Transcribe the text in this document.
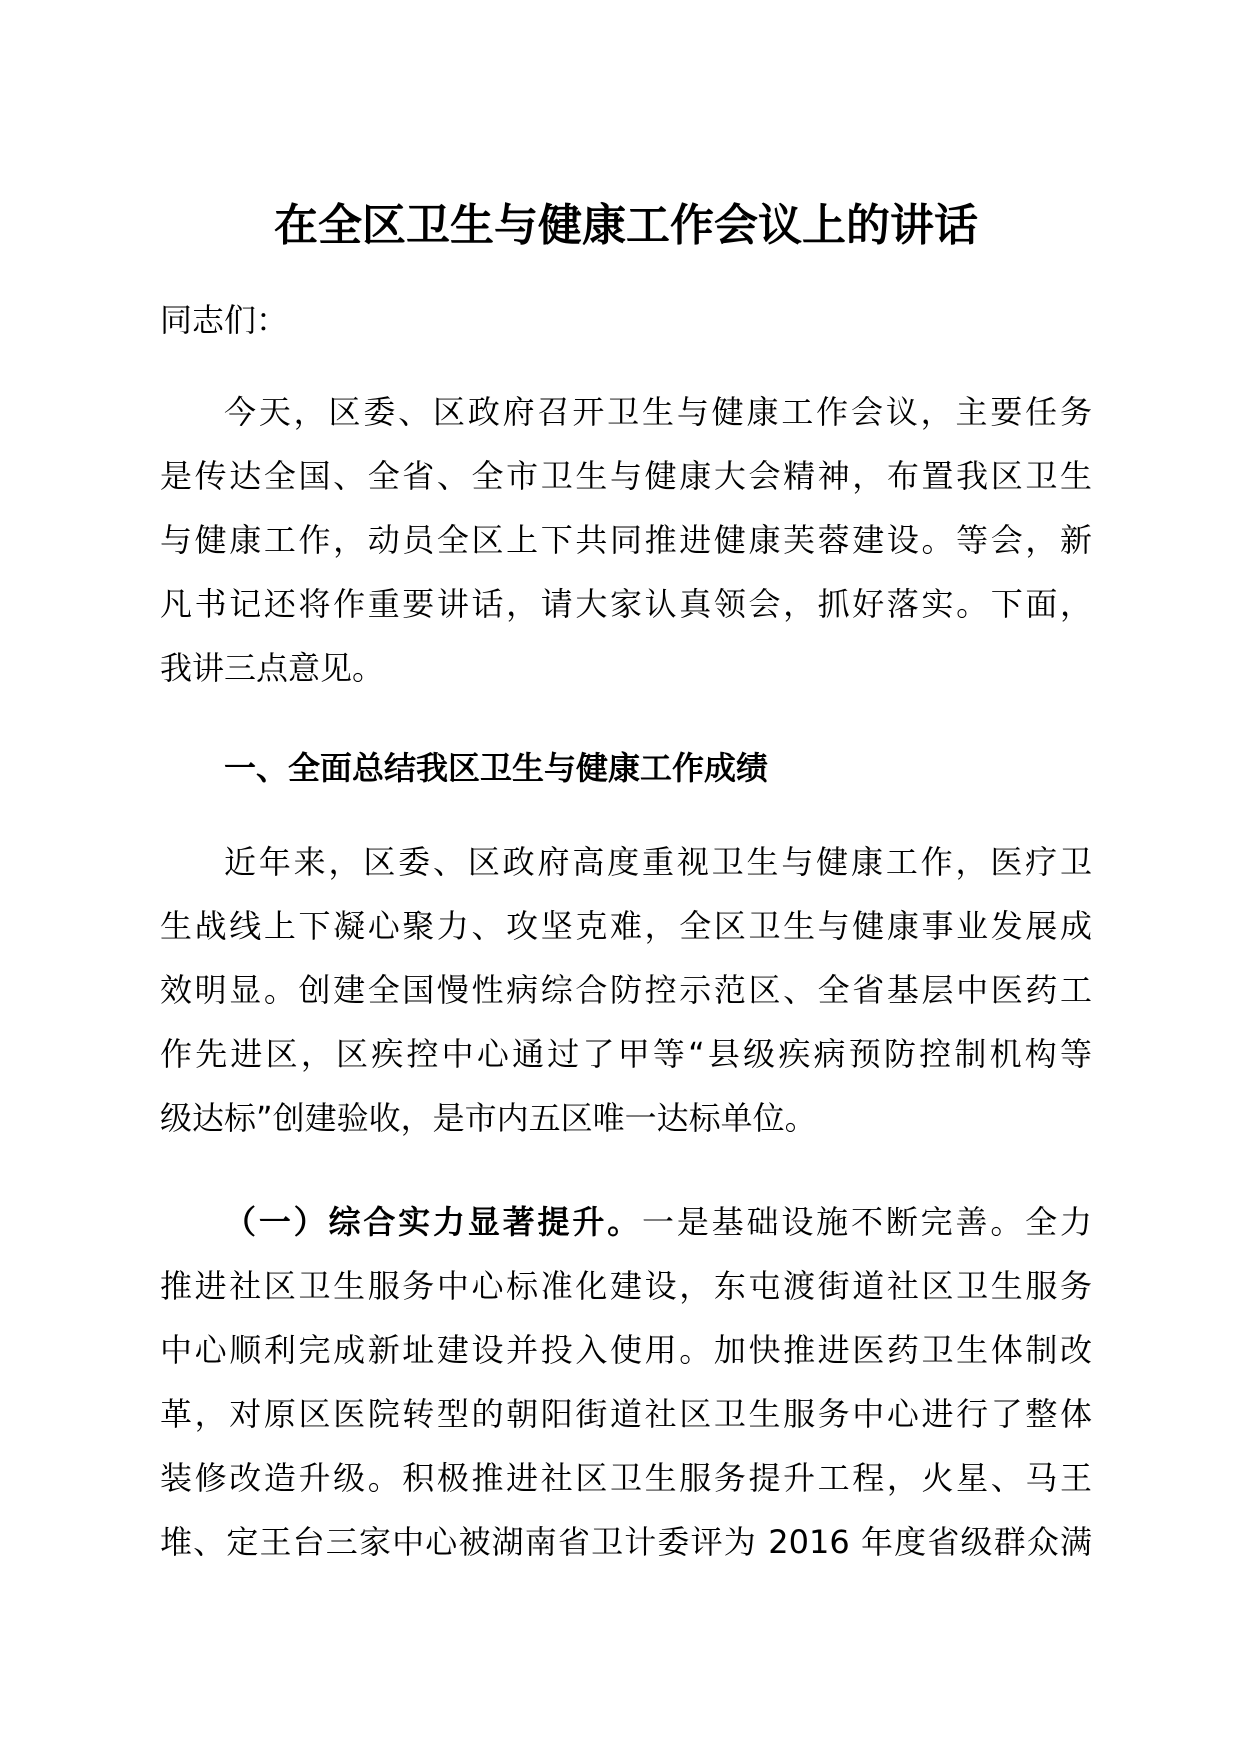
在全区卫生与健康工作会议上的讲话
同志们：
今天，区委、区政府召开卫生与健康工作会议，主要任务
是传达全国、全省、全市卫生与健康大会精神，布置我区卫生
与健康工作，动员全区上下共同推进健康芙蓉建设。等会，新
凡书记还将作重要讲话，请大家认真领会，抓好落实。下面，
我讲三点意见。
一、全面总结我区卫生与健康工作成绩
近年来，区委、区政府高度重视卫生与健康工作，医疗卫
生战线上下凝心聚力、攻坚克难，全区卫生与健康事业发展成
效明显。创建全国慢性病综合防控示范区、全省基层中医药工
作先进区，区疾控中心通过了甲等“县级疾病预防控制机构等
级达标”创建验收，是市内五区唯一达标单位。
（一）综合实力显著提升。一是基础设施不断完善。全力
推进社区卫生服务中心标准化建设，东屯渡街道社区卫生服务
中心顺利完成新址建设并投入使用。加快推进医药卫生体制改
革，对原区医院转型的朝阳街道社区卫生服务中心进行了整体
装修改造升级。积极推进社区卫生服务提升工程，火星、马王
堆、定王台三家中心被湖南省卫计委评为 2016 年度省级群众满
